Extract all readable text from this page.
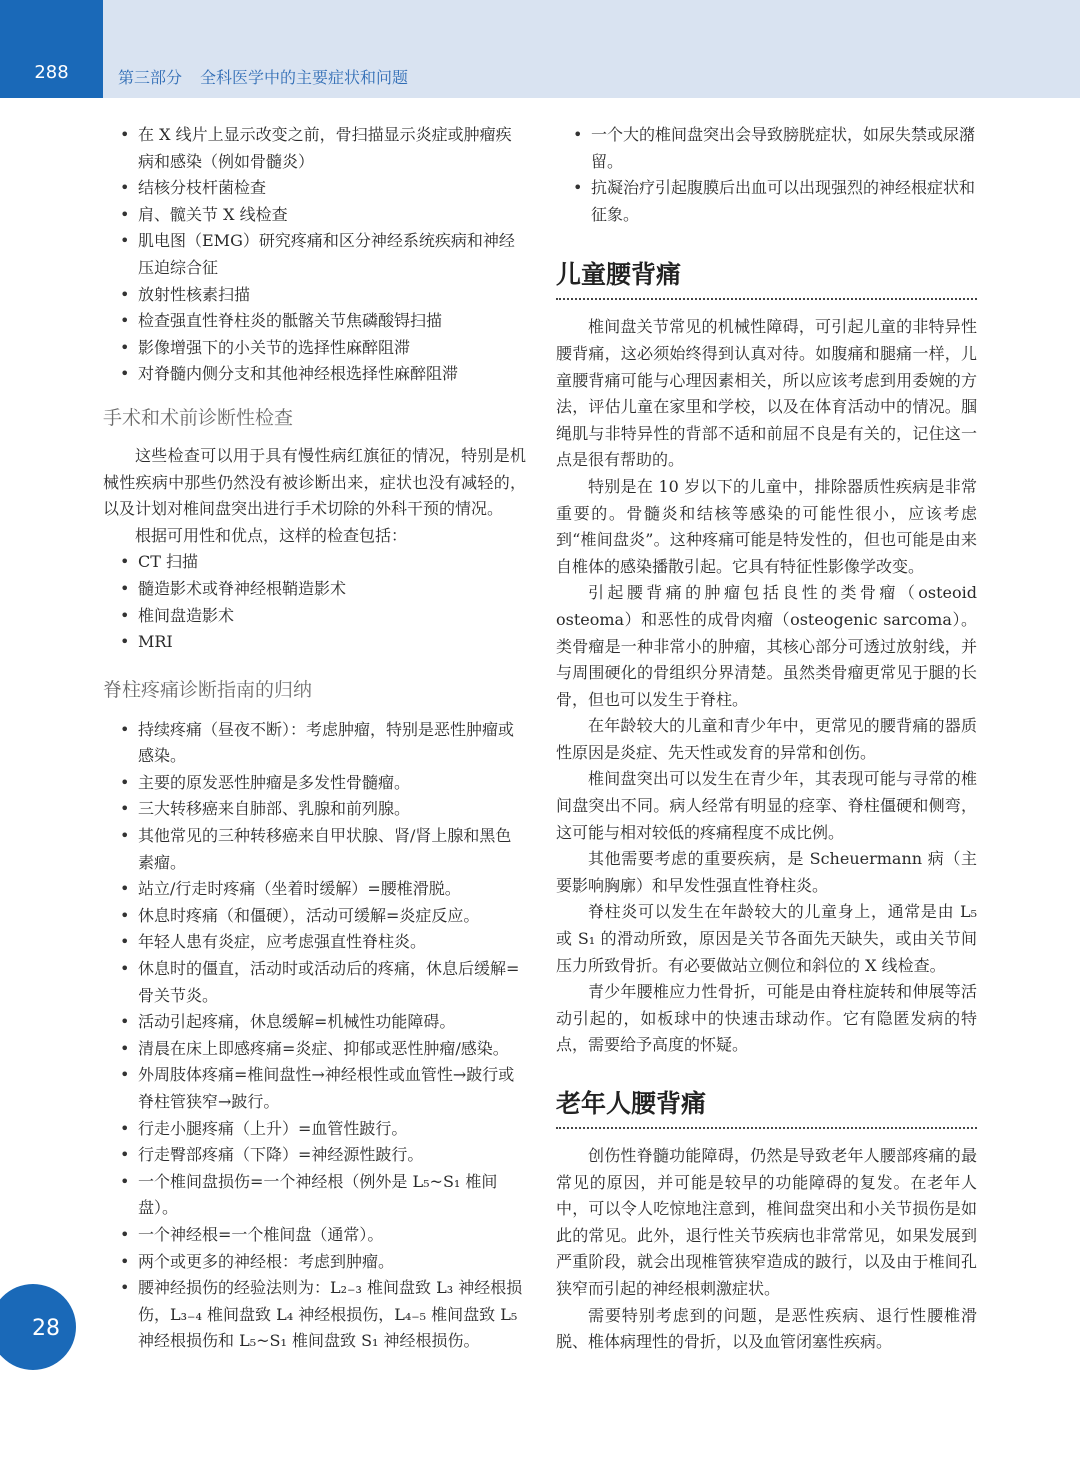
288	第三部分 全科医学中的主要症状和问题
• 在 X 线片上显示改变之前，骨扫描显示炎症或肿瘤疾病和感染（例如骨髓炎）
• 结核分枝杆菌检查
• 肩、髋关节 X 线检查
• 肌电图（EMG）研究疼痛和区分神经系统疾病和神经压迫综合征
• 放射性核素扫描
• 检查强直性脊柱炎的骶髂关节焦磷酸锝扫描
• 影像增强下的小关节的选择性麻醉阻滞
• 对脊髓内侧分支和其他神经根选择性麻醉阻滞
手术和术前诊断性检查

这些检查可以用于具有慢性病红旗征的情况，特别是机械性疾病中那些仍然没有被诊断出来，症状也没有减轻的，以及计划对椎间盘突出进行手术切除的外科干预的情况。

根据可用性和优点，这样的检查包括：

• CT 扫描
• 髓造影术或脊神经根鞘造影术
• 椎间盘造影术
• MRI
脊柱疼痛诊断指南的归纳
• 持续疼痛（昼夜不断）：考虑肿瘤，特别是恶性肿瘤或感染。
• 主要的原发恶性肿瘤是多发性骨髓瘤。
• 三大转移癌来自肺部、乳腺和前列腺。
• 其他常见的三种转移癌来自甲状腺、肾/肾上腺和黑色素瘤。
• 站立/行走时疼痛（坐着时缓解）=腰椎滑脱。
• 休息时疼痛（和僵硬），活动可缓解=炎症反应。
• 年轻人患有炎症，应考虑强直性脊柱炎。
• 休息时的僵直，活动时或活动后的疼痛，休息后缓解=骨关节炎。
• 活动引起疼痛，休息缓解=机械性功能障碍。
• 清晨在床上即感疼痛=炎症、抑郁或恶性肿瘤/感染。
• 外周肢体疼痛=椎间盘性→神经根性或血管性→跛行或脊柱管狭窄→跛行。
• 行走小腿疼痛（上升）=血管性跛行。
• 行走臀部疼痛（下降）=神经源性跛行。
• 一个椎间盘损伤=一个神经根（例外是 L₅~S₁ 椎间盘）。
• 一个神经根=一个椎间盘（通常）。
• 两个或更多的神经根：考虑到肿瘤。
• 腰神经损伤的经验法则为：L₂₋₃ 椎间盘致 L₃ 神经根损伤，L₃₋₄ 椎间盘致 L₄ 神经根损伤，L₄₋₅ 椎间盘致 L₅ 神经根损伤和 L₅~S₁ 椎间盘致 S₁ 神经根损伤。
• 一个大的椎间盘突出会导致膀胱症状，如尿失禁或尿潴留。
• 抗凝治疗引起腹膜后出血可以出现强烈的神经根症状和征象。
儿童腰背痛

椎间盘关节常见的机械性障碍，可引起儿童的非特异性腰背痛，这必须始终得到认真对待。如腹痛和腿痛一样，儿童腰背痛可能与心理因素相关，所以应该考虑到用委婉的方法，评估儿童在家里和学校，以及在体育活动中的情况。腘绳肌与非特异性的背部不适和前屈不良是有关的，记住这一点是很有帮助的。

特别是在 10 岁以下的儿童中，排除器质性疾病是非常重要的。骨髓炎和结核等感染的可能性很小，应该考虑到“椎间盘炎”。这种疼痛可能是特发性的，但也可能是由来自椎体的感染播散引起。它具有特征性影像学改变。

引起腰背痛的肿瘤包括良性的类骨瘤（osteoid osteoma）和恶性的成骨肉瘤（osteogenic sarcoma）。类骨瘤是一种非常小的肿瘤，其核心部分可透过放射线，并与周围硬化的骨组织分界清楚。虽然类骨瘤更常见于腿的长骨，但也可以发生于脊柱。

在年龄较大的儿童和青少年中，更常见的腰背痛的器质性原因是炎症、先天性或发育的异常和创伤。

椎间盘突出可以发生在青少年，其表现可能与寻常的椎间盘突出不同。病人经常有明显的痉挛、脊柱僵硬和侧弯，这可能与相对较低的疼痛程度不成比例。

其他需要考虑的重要疾病，是 Scheuermann 病（主要影响胸廓）和早发性强直性脊柱炎。

脊柱炎可以发生在年龄较大的儿童身上，通常是由 L₅ 或 S₁ 的滑动所致，原因是关节各面先天缺失，或由关节间压力所致骨折。有必要做站立侧位和斜位的 X 线检查。

青少年腰椎应力性骨折，可能是由脊柱旋转和伸展等活动引起的，如板球中的快速击球动作。它有隐匿发病的特点，需要给予高度的怀疑。

老年人腰背痛

创伤性脊髓功能障碍，仍然是导致老年人腰部疼痛的最常见的原因，并可能是较早的功能障碍的复发。在老年人中，可以令人吃惊地注意到，椎间盘突出和小关节损伤是如此的常见。此外，退行性关节疾病也非常常见，如果发展到严重阶段，就会出现椎管狭窄造成的跛行，以及由于椎间孔狭窄而引起的神经根刺激症状。

需要特别考虑到的问题，是恶性疾病、退行性腰椎滑脱、椎体病理性的骨折，以及血管闭塞性疾病。

28
